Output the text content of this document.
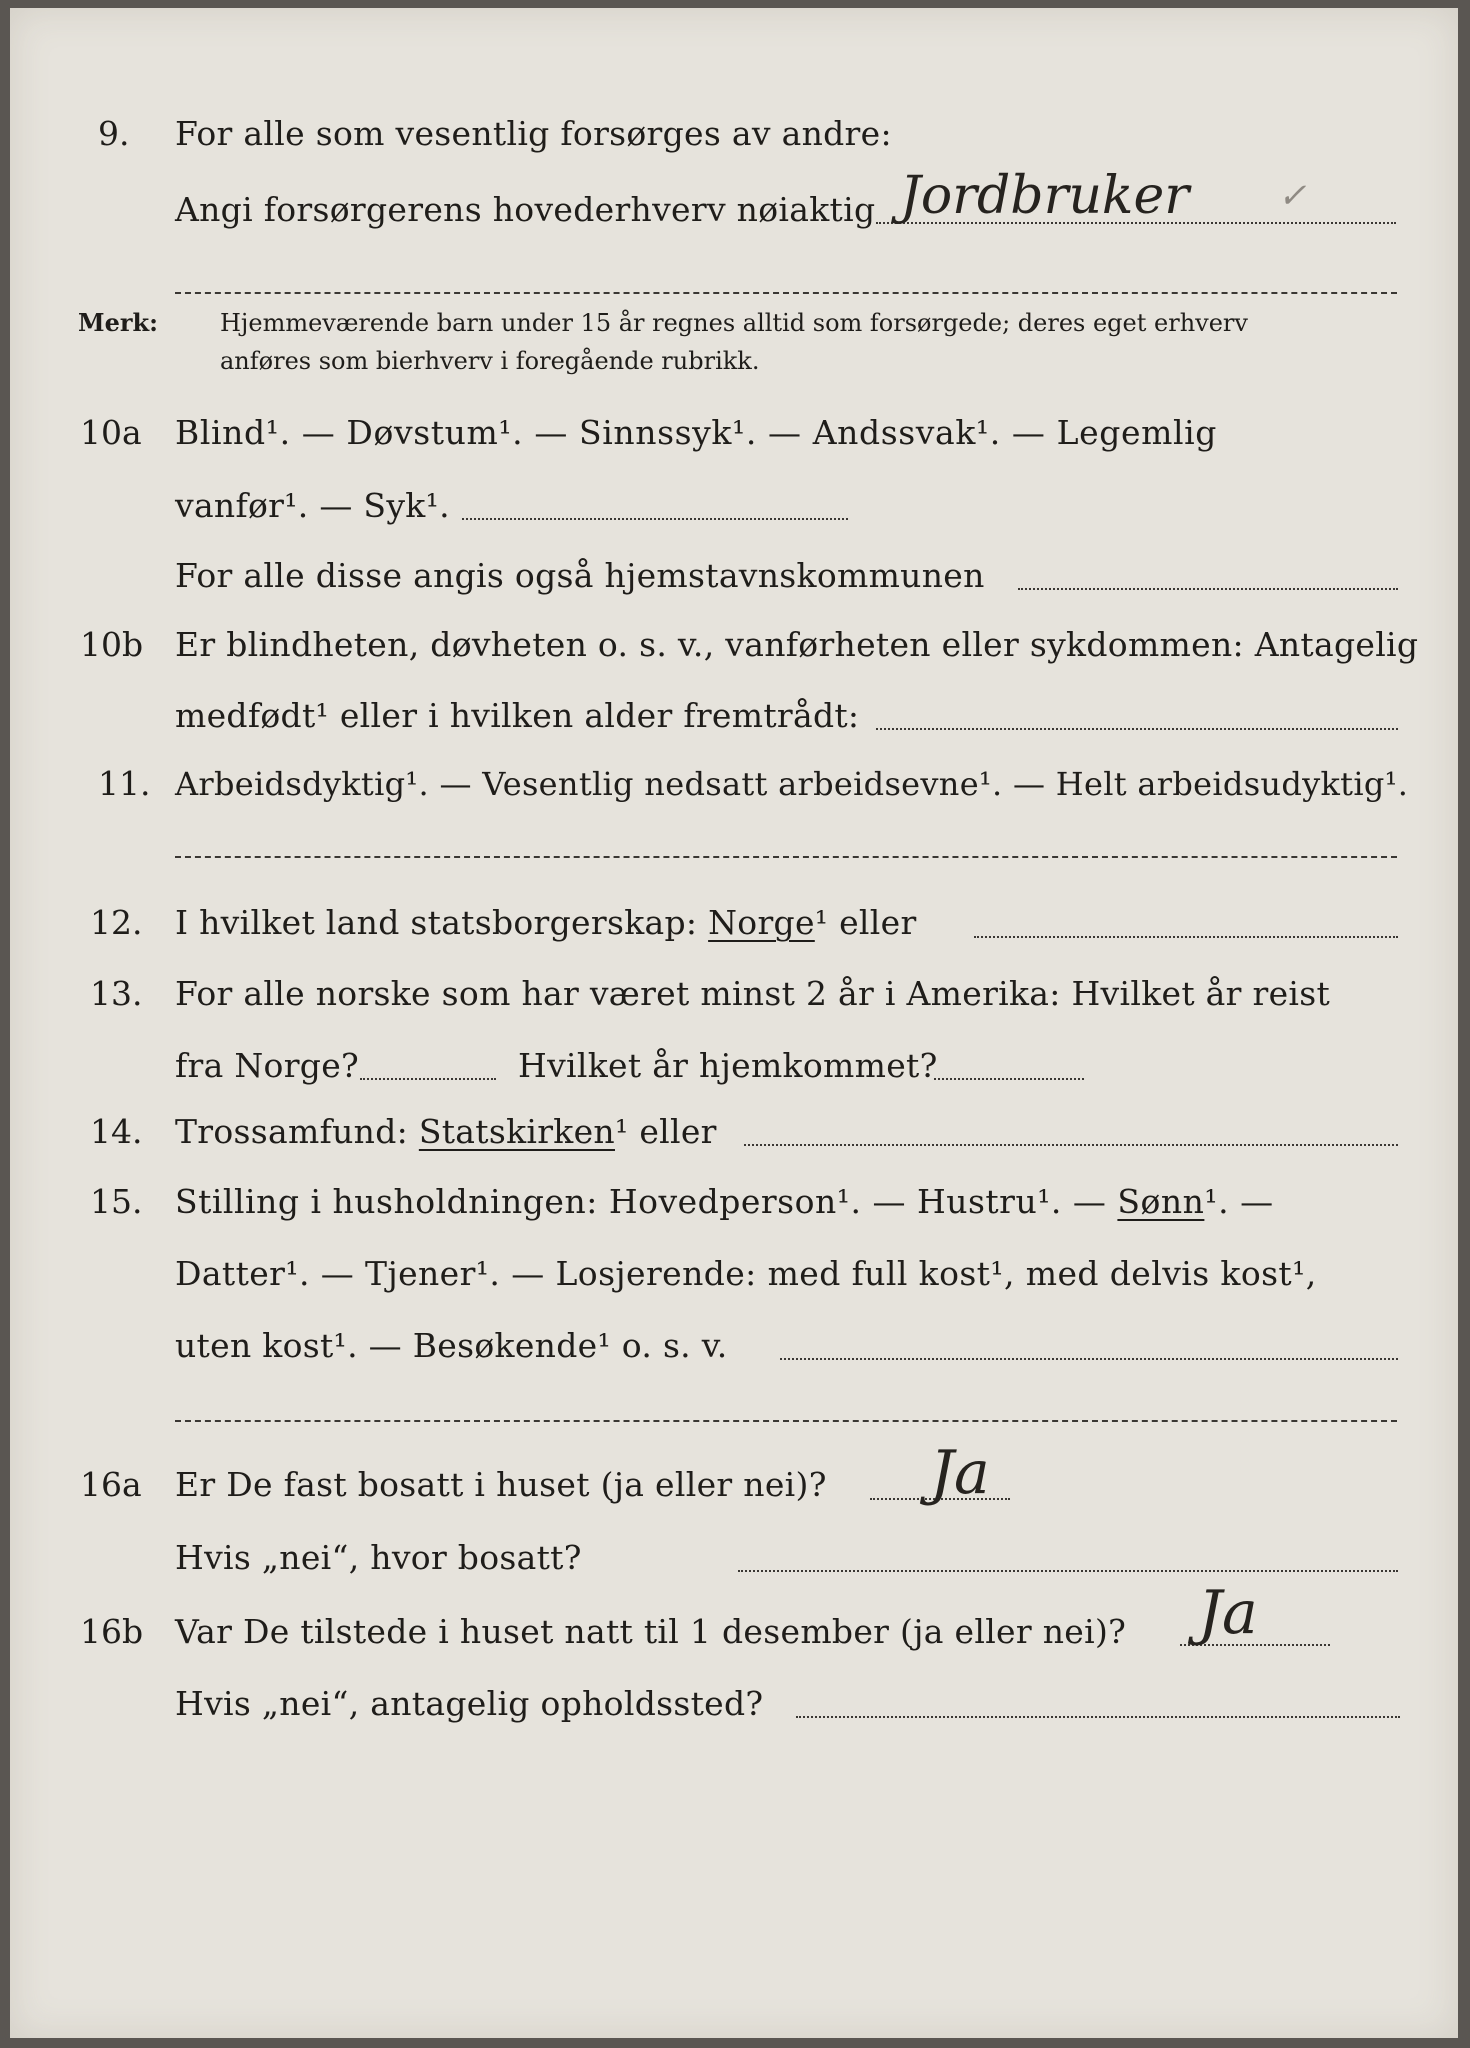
9. For alle som vesentlig forsørges av andre:
Angi forsørgerens hovederhverv nøiaktig Jordbruker	✓
Merk:	Hjemmeværende barn under 15 år regnes alltid som forsørgede; deres eget erhverv
anføres som bierhverv i foregående rubrikk.
10a Blind¹. — Døvstum¹. — Sinnssyk¹. — Andssvak¹. — Legemlig
vanfør¹. — Syk¹.
For alle disse angis også hjemstavnskommunen
10b Er blindheten, døvheten o. s. v., vanførheten eller sykdommen: Antagelig
medfødt¹ eller i hvilken alder fremtrådt:
11. Arbeidsdyktig¹. — Vesentlig nedsatt arbeidsevne¹. — Helt arbeidsudyktig¹.
12. I hvilket land statsborgerskap: Norge¹ eller
13. For alle norske som har været minst 2 år i Amerika: Hvilket år reist
fra Norge?	Hvilket år hjemkommet?
14. Trossamfund: Statskirken¹ eller
15. Stilling i husholdningen: Hovedperson¹. — Hustru¹. — Sønn¹. —
Datter¹. — Tjener¹. — Losjerende: med full kost¹, med delvis kost¹,
uten kost¹. — Besøkende¹ o. s. v.
16a Er De fast bosatt i huset (ja eller nei)? Ja
Hvis „nei“, hvor bosatt?
16b Var De tilstede i huset natt til 1 desember (ja eller nei)? Ja
Hvis „nei“, antagelig opholdssted?
